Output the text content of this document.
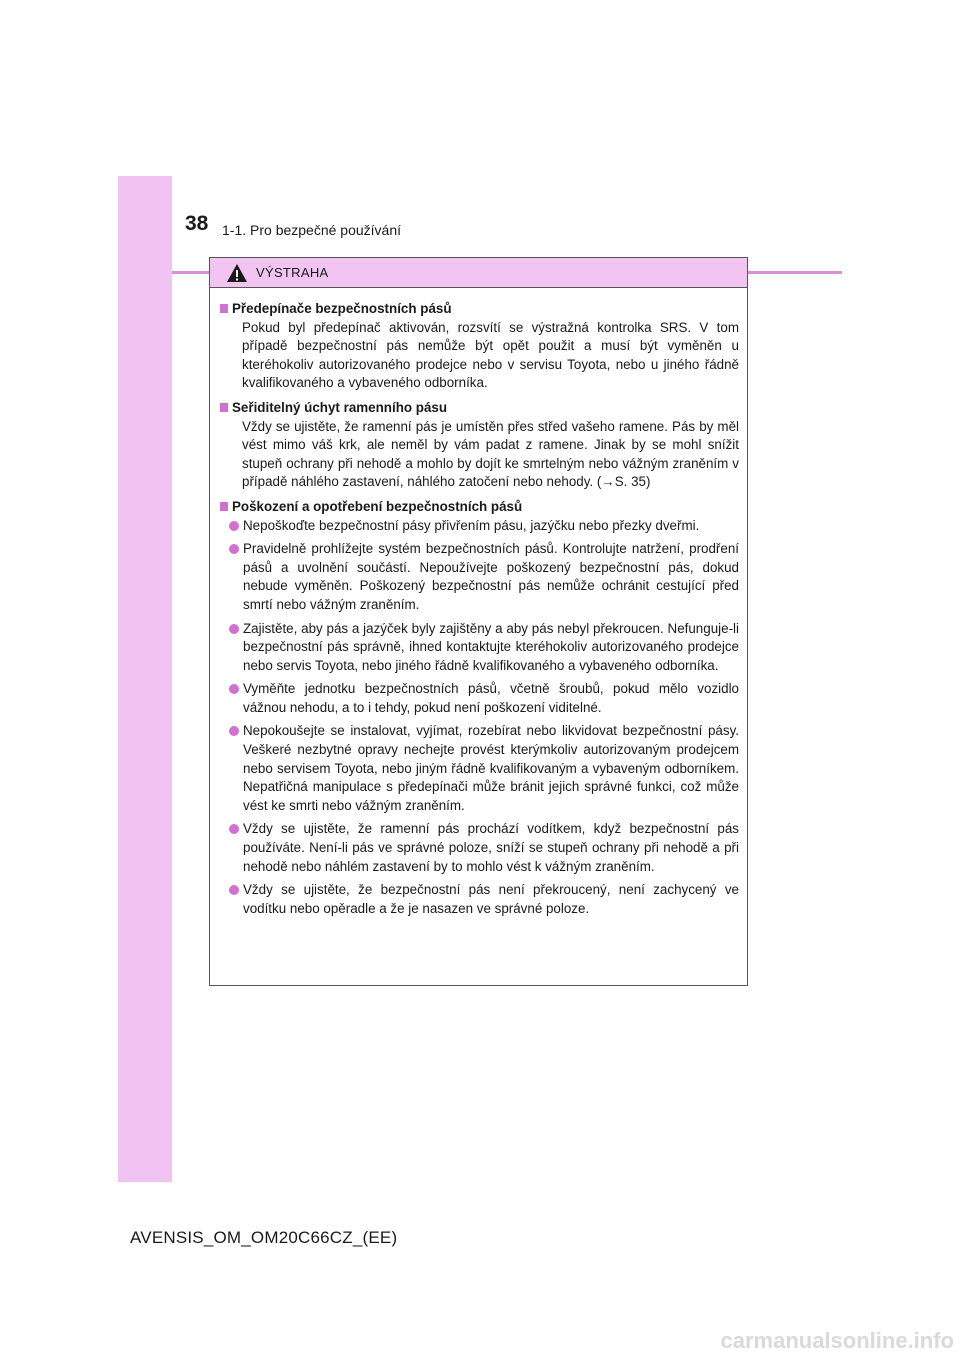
38 1-1. Pro bezpečné používání
VÝSTRAHA
Předepínače bezpečnostních pásů
Pokud byl předepínač aktivován, rozsvítí se výstražná kontrolka SRS. V tom případě bezpečnostní pás nemůže být opět použit a musí být vyměněn u kteréhokoliv autorizovaného prodejce nebo v servisu Toyota, nebo u jiného řádně kvalifikovaného a vybaveného odborníka.
Seřiditelný úchyt ramenního pásu
Vždy se ujistěte, že ramenní pás je umístěn přes střed vašeho ramene. Pás by měl vést mimo váš krk, ale neměl by vám padat z ramene. Jinak by se mohl snížit stupeň ochrany při nehodě a mohlo by dojít ke smrtelným nebo vážným zraněním v případě náhlého zastavení, náhlého zatočení nebo nehody. (→S. 35)
Poškození a opotřebení bezpečnostních pásů
Nepoškoďte bezpečnostní pásy přivřením pásu, jazýčku nebo přezky dveřmi.
Pravidelně prohlížejte systém bezpečnostních pásů. Kontrolujte natržení, prodření pásů a uvolnění součástí. Nepoužívejte poškozený bezpečnostní pás, dokud nebude vyměněn. Poškozený bezpečnostní pás nemůže ochránit cestující před smrtí nebo vážným zraněním.
Zajistěte, aby pás a jazýček byly zajištěny a aby pás nebyl překroucen. Nefunguje-li bezpečnostní pás správně, ihned kontaktujte kteréhokoliv autorizovaného prodejce nebo servis Toyota, nebo jiného řádně kvalifikovaného a vybaveného odborníka.
Vyměňte jednotku bezpečnostních pásů, včetně šroubů, pokud mělo vozidlo vážnou nehodu, a to i tehdy, pokud není poškození viditelné.
Nepokoušejte se instalovat, vyjímat, rozebírat nebo likvidovat bezpečnostní pásy. Veškeré nezbytné opravy nechejte provést kterýmkoliv autorizovaným prodejcem nebo servisem Toyota, nebo jiným řádně kvalifikovaným a vybaveným odborníkem. Nepatřičná manipulace s předepínači může bránit jejich správné funkci, což může vést ke smrti nebo vážným zraněním.
Vždy se ujistěte, že ramenní pás prochází vodítkem, když bezpečnostní pás používáte. Není-li pás ve správné poloze, sníží se stupeň ochrany při nehodě a při nehodě nebo náhlém zastavení by to mohlo vést k vážným zraněním.
Vždy se ujistěte, že bezpečnostní pás není překroucený, není zachycený ve vodítku nebo opěradle a že je nasazen ve správné poloze.
AVENSIS_OM_OM20C66CZ_(EE)
carmanualsonline.info
